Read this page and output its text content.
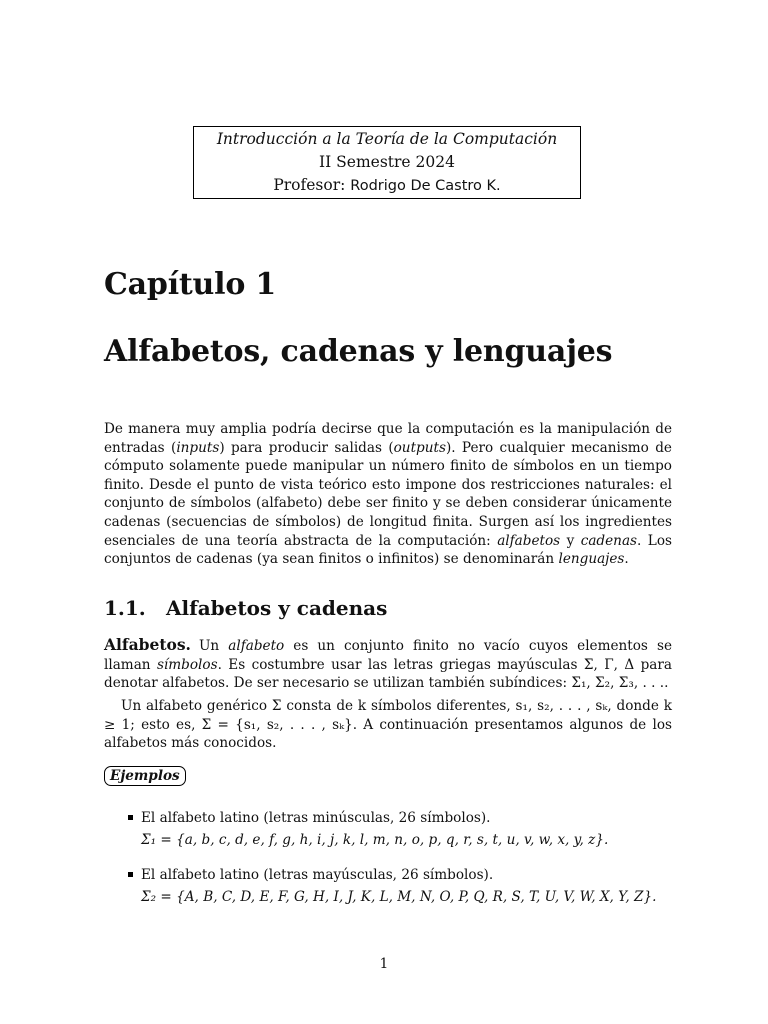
Introducción a la Teoría de la Computación
II Semestre 2024
Profesor: Rodrigo De Castro K.
Capítulo 1
Alfabetos, cadenas y lenguajes
De manera muy amplia podría decirse que la computación es la manipulación de entradas (inputs) para producir salidas (outputs). Pero cualquier mecanismo de cómputo solamente puede manipular un número finito de símbolos en un tiempo finito. Desde el punto de vista teórico esto impone dos restricciones naturales: el conjunto de símbolos (alfabeto) debe ser finito y se deben considerar únicamente cadenas (secuencias de símbolos) de longitud finita. Surgen así los ingredientes esenciales de una teoría abstracta de la computación: alfabetos y cadenas. Los conjuntos de cadenas (ya sean finitos o infinitos) se denominarán lenguajes.
1.1. Alfabetos y cadenas
Alfabetos. Un alfabeto es un conjunto finito no vacío cuyos elementos se llaman símbolos. Es costumbre usar las letras griegas mayúsculas Σ, Γ, Δ para denotar alfabetos. De ser necesario se utilizan también subíndices: Σ₁, Σ₂, Σ₃, . . ..
Un alfabeto genérico Σ consta de k símbolos diferentes, s₁, s₂, . . . , sₖ, donde k ≥ 1; esto es, Σ = {s₁, s₂, . . . , sₖ}. A continuación presentamos algunos de los alfabetos más conocidos.
Ejemplos
El alfabeto latino (letras minúsculas, 26 símbolos).
Σ₁ = {a, b, c, d, e, f, g, h, i, j, k, l, m, n, o, p, q, r, s, t, u, v, w, x, y, z}.
El alfabeto latino (letras mayúsculas, 26 símbolos).
Σ₂ = {A, B, C, D, E, F, G, H, I, J, K, L, M, N, O, P, Q, R, S, T, U, V, W, X, Y, Z}.
1
